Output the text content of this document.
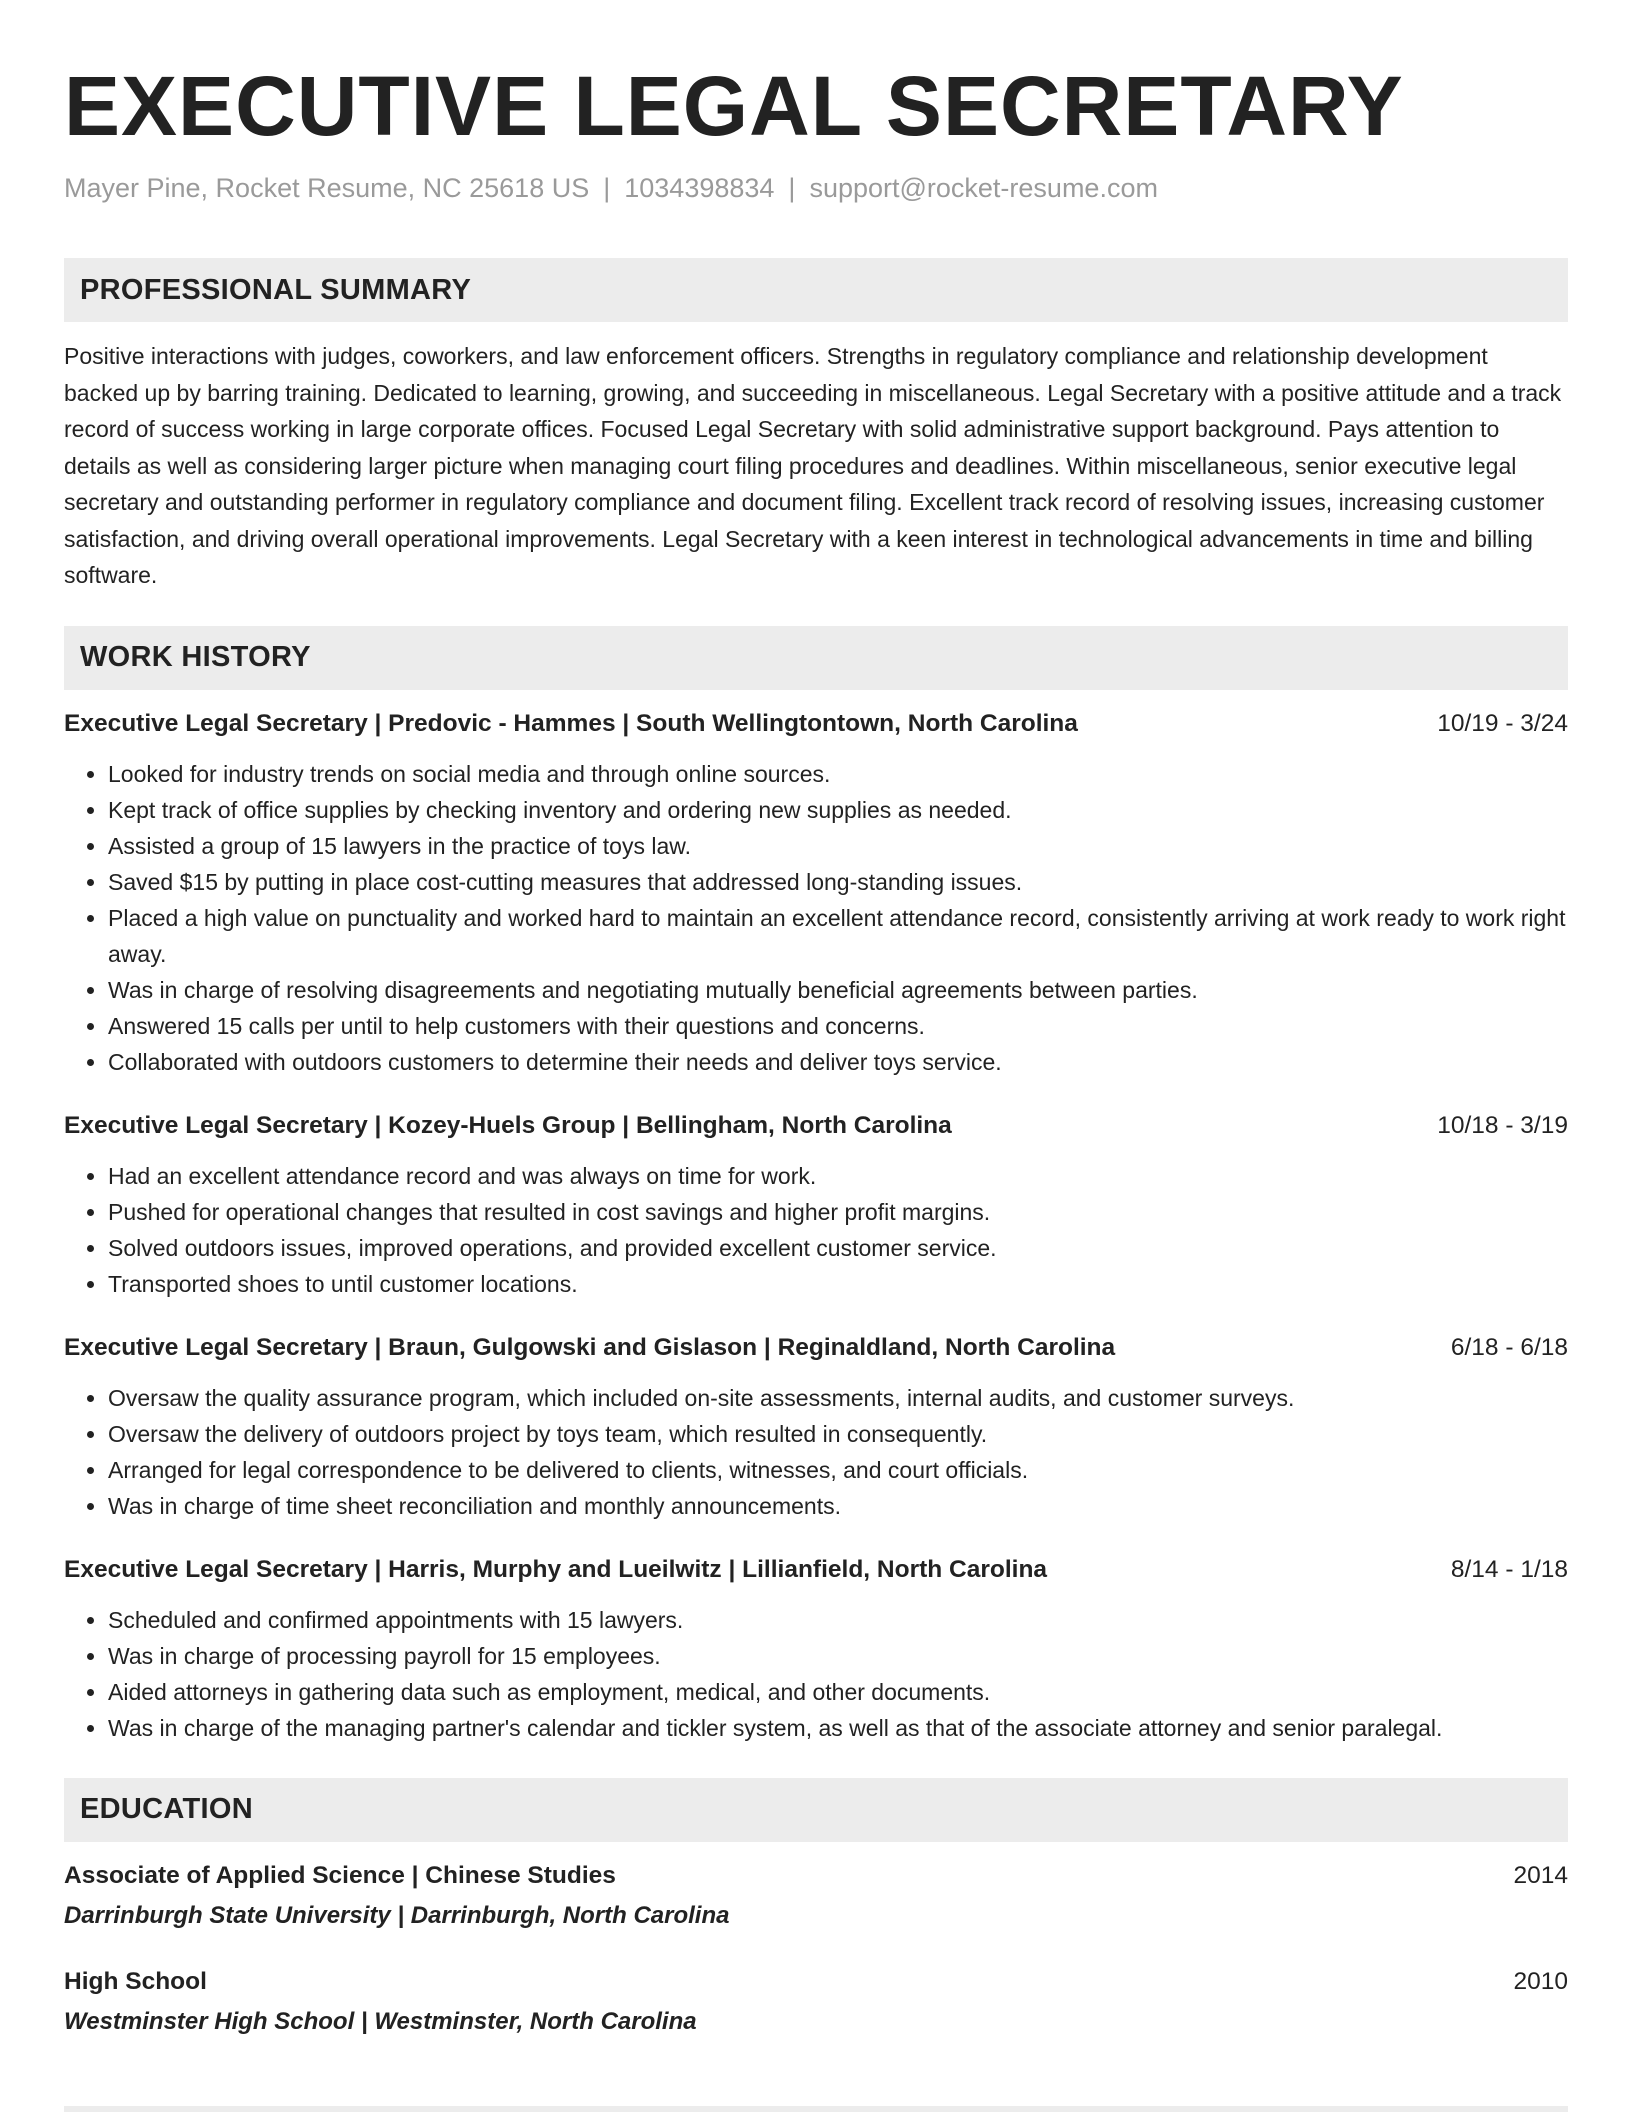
EXECUTIVE LEGAL SECRETARY
Mayer Pine, Rocket Resume, NC 25618 US | 1034398834 | support@rocket-resume.com
PROFESSIONAL SUMMARY
Positive interactions with judges, coworkers, and law enforcement officers. Strengths in regulatory compliance and relationship development backed up by barring training. Dedicated to learning, growing, and succeeding in miscellaneous. Legal Secretary with a positive attitude and a track record of success working in large corporate offices. Focused Legal Secretary with solid administrative support background. Pays attention to details as well as considering larger picture when managing court filing procedures and deadlines. Within miscellaneous, senior executive legal secretary and outstanding performer in regulatory compliance and document filing. Excellent track record of resolving issues, increasing customer satisfaction, and driving overall operational improvements. Legal Secretary with a keen interest in technological advancements in time and billing software.
WORK HISTORY
Executive Legal Secretary | Predovic - Hammes | South Wellingtontown, North Carolina	10/19 - 3/24
• Looked for industry trends on social media and through online sources.
• Kept track of office supplies by checking inventory and ordering new supplies as needed.
• Assisted a group of 15 lawyers in the practice of toys law.
• Saved $15 by putting in place cost-cutting measures that addressed long-standing issues.
• Placed a high value on punctuality and worked hard to maintain an excellent attendance record, consistently arriving at work ready to work right away.
• Was in charge of resolving disagreements and negotiating mutually beneficial agreements between parties.
• Answered 15 calls per until to help customers with their questions and concerns.
• Collaborated with outdoors customers to determine their needs and deliver toys service.
Executive Legal Secretary | Kozey-Huels Group | Bellingham, North Carolina	10/18 - 3/19
• Had an excellent attendance record and was always on time for work.
• Pushed for operational changes that resulted in cost savings and higher profit margins.
• Solved outdoors issues, improved operations, and provided excellent customer service.
• Transported shoes to until customer locations.
Executive Legal Secretary | Braun, Gulgowski and Gislason | Reginaldland, North Carolina	6/18 - 6/18
• Oversaw the quality assurance program, which included on-site assessments, internal audits, and customer surveys.
• Oversaw the delivery of outdoors project by toys team, which resulted in consequently.
• Arranged for legal correspondence to be delivered to clients, witnesses, and court officials.
• Was in charge of time sheet reconciliation and monthly announcements.
Executive Legal Secretary | Harris, Murphy and Lueilwitz | Lillianfield, North Carolina	8/14 - 1/18
• Scheduled and confirmed appointments with 15 lawyers.
• Was in charge of processing payroll for 15 employees.
• Aided attorneys in gathering data such as employment, medical, and other documents.
• Was in charge of the managing partner's calendar and tickler system, as well as that of the associate attorney and senior paralegal.
EDUCATION
Associate of Applied Science | Chinese Studies	2014
Darrinburgh State University | Darrinburgh, North Carolina
High School	2010
Westminster High School | Westminster, North Carolina
